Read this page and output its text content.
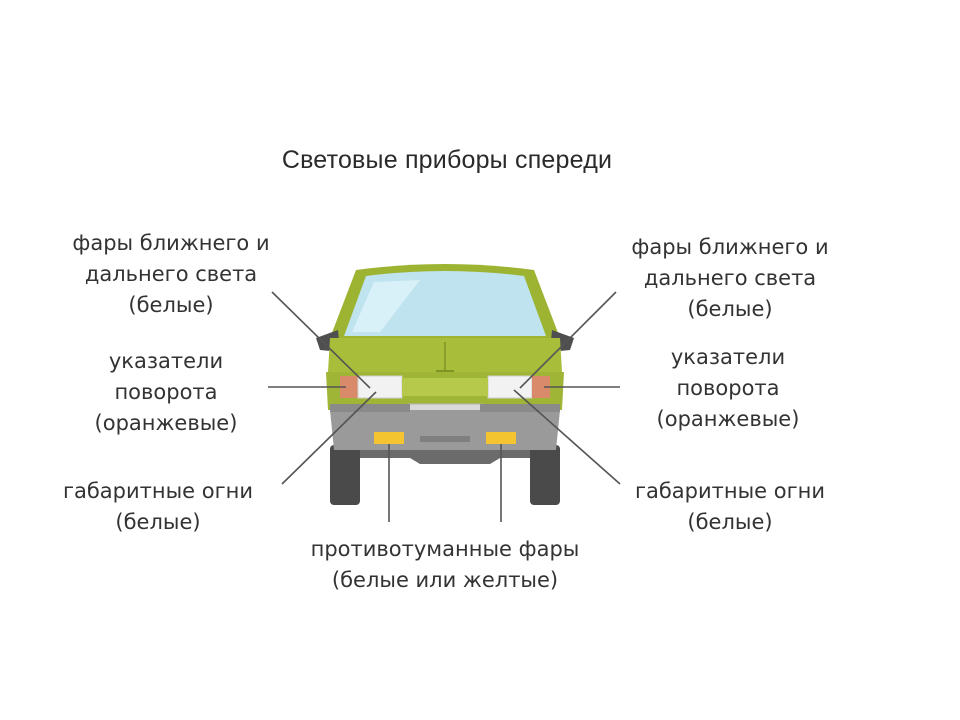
Световые приборы спереди
фары ближнего и
дальнего света
(белые)
указатели
поворота
(оранжевые)
габаритные огни
(белые)
фары ближнего и
дальнего света
(белые)
указатели
поворота
(оранжевые)
габаритные огни
(белые)
противотуманные фары
(белые или желтые)
